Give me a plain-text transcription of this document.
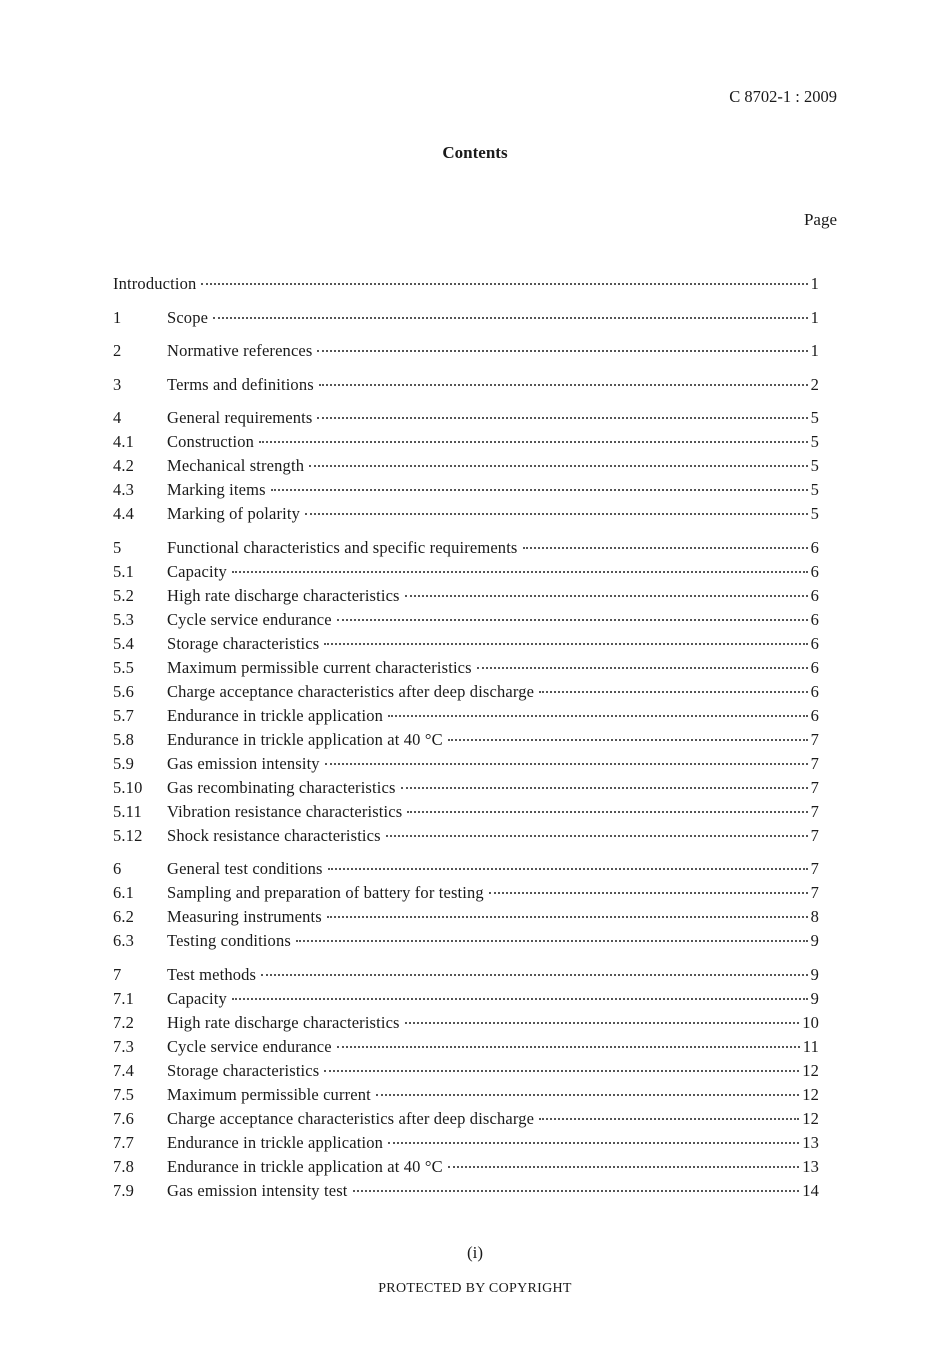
C 8702-1 : 2009
Contents
Page
Introduction	1
1	Scope	1
2	Normative references	1
3	Terms and definitions	2
4	General requirements	5
4.1	Construction	5
4.2	Mechanical strength	5
4.3	Marking items	5
4.4	Marking of polarity	5
5	Functional characteristics and specific requirements	6
5.1	Capacity	6
5.2	High rate discharge characteristics	6
5.3	Cycle service endurance	6
5.4	Storage characteristics	6
5.5	Maximum permissible current characteristics	6
5.6	Charge acceptance characteristics after deep discharge	6
5.7	Endurance in trickle application	6
5.8	Endurance in trickle application at 40 °C	7
5.9	Gas emission intensity	7
5.10	Gas recombinating characteristics	7
5.11	Vibration resistance characteristics	7
5.12	Shock resistance characteristics	7
6	General test conditions	7
6.1	Sampling and preparation of battery for testing	7
6.2	Measuring instruments	8
6.3	Testing conditions	9
7	Test methods	9
7.1	Capacity	9
7.2	High rate discharge characteristics	10
7.3	Cycle service endurance	11
7.4	Storage characteristics	12
7.5	Maximum permissible current	12
7.6	Charge acceptance characteristics after deep discharge	12
7.7	Endurance in trickle application	13
7.8	Endurance in trickle application at 40 °C	13
7.9	Gas emission intensity test	14
(i)
PROTECTED BY COPYRIGHT
